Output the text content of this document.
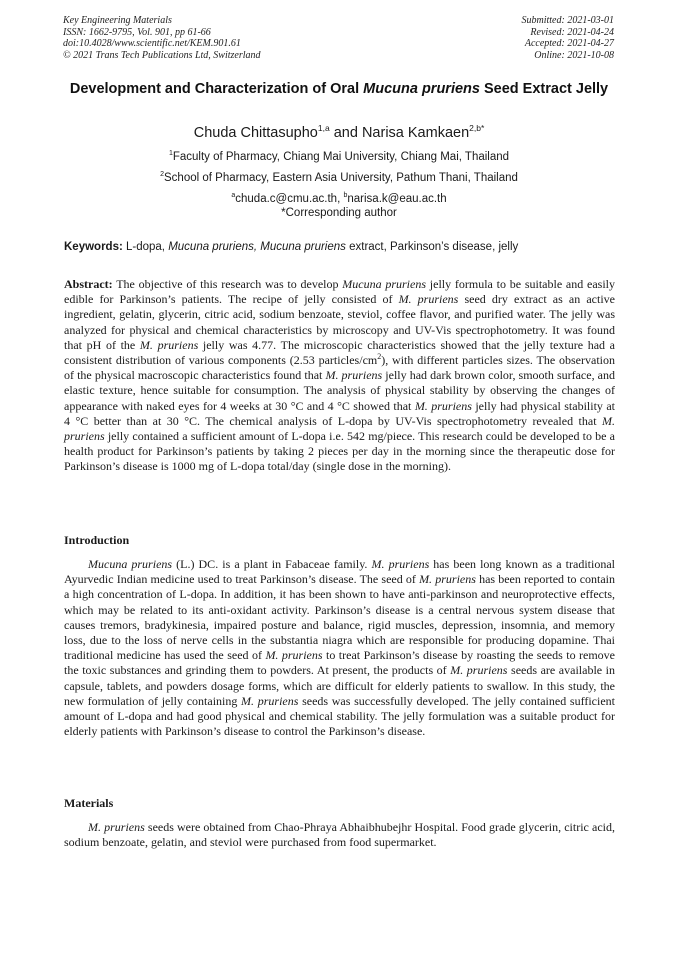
Key Engineering Materials
ISSN: 1662-9795, Vol. 901, pp 61-66
doi:10.4028/www.scientific.net/KEM.901.61
© 2021 Trans Tech Publications Ltd, Switzerland
Submitted: 2021-03-01
Revised: 2021-04-24
Accepted: 2021-04-27
Online: 2021-10-08
Development and Characterization of Oral Mucuna pruriens Seed Extract Jelly
Chuda Chittasupho$^{1,a}$ and Narisa Kamkaen$^{2,b*}$
$^1$Faculty of Pharmacy, Chiang Mai University, Chiang Mai, Thailand
$^2$School of Pharmacy, Eastern Asia University, Pathum Thani, Thailand
$^a$chuda.c@cmu.ac.th, $^b$narisa.k@eau.ac.th
*Corresponding author
Keywords: L-dopa, Mucuna pruriens, Mucuna pruriens extract, Parkinson’s disease, jelly
Abstract: The objective of this research was to develop Mucuna pruriens jelly formula to be suitable and easily edible for Parkinson’s patients. The recipe of jelly consisted of M. pruriens seed dry extract as an active ingredient, gelatin, glycerin, citric acid, sodium benzoate, steviol, coffee flavor, and purified water. The jelly was analyzed for physical and chemical characteristics by microscopy and UV-Vis spectrophotometry. It was found that pH of the M. pruriens jelly was 4.77. The microscopic characteristics showed that the jelly texture had a consistent distribution of various components (2.53 particles/$cm^2$), with different particles sizes. The observation of the physical macroscopic characteristics found that M. pruriens jelly had dark brown color, smooth surface, and elastic texture, hence suitable for consumption. The analysis of physical stability by observing the changes of appearance with naked eyes for 4 weeks at 30 °C and 4 °C showed that M. pruriens jelly had physical stability at 4 °C better than at 30 °C. The chemical analysis of L-dopa by UV-Vis spectrophotometry revealed that M. pruriens jelly contained a sufficient amount of L-dopa i.e. 542 mg/piece. This research could be developed to be a health product for Parkinson’s patients by taking 2 pieces per day in the morning since the therapeutic dose for Parkinson’s disease is 1000 mg of L-dopa total/day (single dose in the morning).
Introduction
Mucuna pruriens (L.) DC. is a plant in Fabaceae family. M. pruriens has been long known as a traditional Ayurvedic Indian medicine used to treat Parkinson’s disease. The seed of M. pruriens has been reported to contain a high concentration of L-dopa. In addition, it has been shown to have anti-parkinson and neuroprotective effects, which may be related to its anti-oxidant activity. Parkinson’s disease is a central nervous system disease that causes tremors, bradykinesia, impaired posture and balance, rigid muscles, depression, insomnia, and memory loss, due to the loss of nerve cells in the substantia niagra which are responsible for producing dopamine. Thai traditional medicine has used the seed of M. pruriens to treat Parkinson’s disease by roasting the seeds to remove the toxic substances and grinding them to powders. At present, the products of M. pruriens seeds are available in capsule, tablets, and powders dosage forms, which are difficult for elderly patients to swallow. In this study, the new formulation of jelly containing M. pruriens seeds was successfully developed. The jelly contained sufficient amount of L-dopa and had good physical and chemical stability. The jelly formulation was a suitable product for elderly patients with Parkinson’s disease to control the Parkinson’s disease.
Materials
M. pruriens seeds were obtained from Chao-Phraya Abhaibhubejhr Hospital. Food grade glycerin, citric acid, sodium benzoate, gelatin, and steviol were purchased from food supermarket.
